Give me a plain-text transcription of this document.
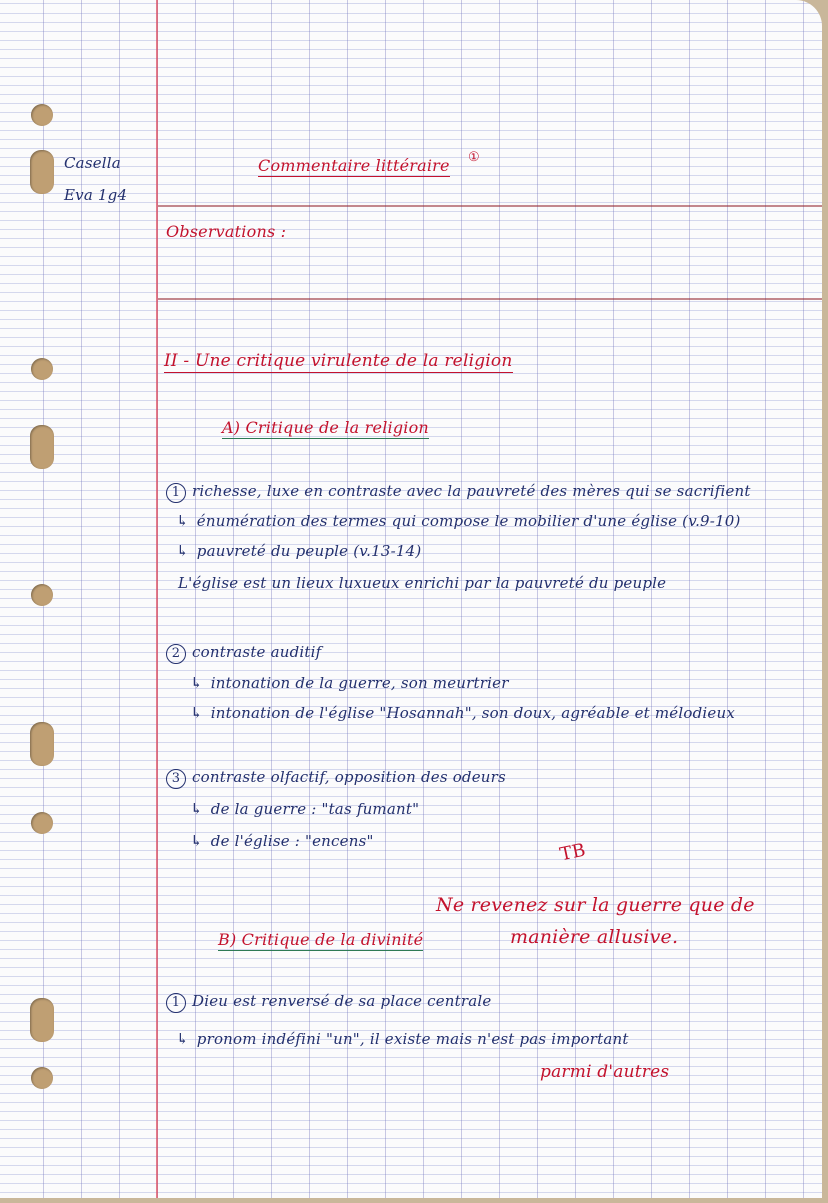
Casella
Eva 1g4
Commentaire littéraire ①
Observations :
II - Une critique virulente de la religion
A) Critique de la religion
1 richesse, luxe en contraste avec la pauvreté des mères qui se sacrifient
↳ énumération des termes qui compose le mobilier d'une église (v.9-10)
↳ pauvreté du peuple (v.13-14)
L'église est un lieux luxueux enrichi par la pauvreté du peuple
2 contraste auditif
↳ intonation de la guerre, son meurtrier
↳ intonation de l'église "Hosannah", son doux, agréable et mélodieux
3 contraste olfactif, opposition des odeurs
↳ de la guerre : "tas fumant"
↳ de l'église : "encens"	TB
Ne revenez sur la guerre que de
manière allusive.
B) Critique de la divinité
1 Dieu est renversé de sa place centrale
↳ pronom indéfini "un", il existe mais n'est pas important
parmi d'autres
